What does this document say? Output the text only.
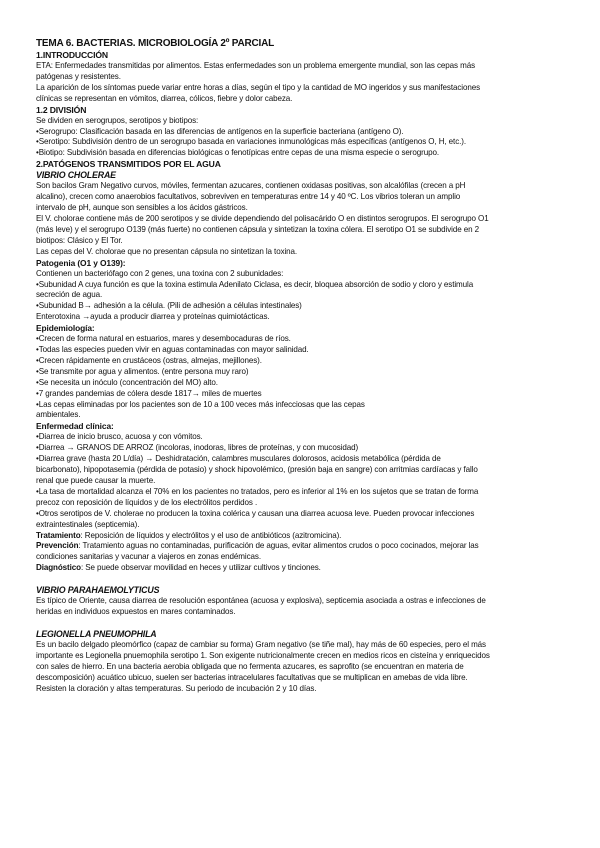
TEMA 6. BACTERIAS. MICROBIOLOGÍA 2º PARCIAL
1.INTRODUCCIÓN
ETA: Enfermedades transmitidas por alimentos. Estas enfermedades son un problema emergente mundial, son las cepas más
patógenas y resistentes.
La aparición de los síntomas puede variar entre horas a días, según el tipo y la cantidad de MO ingeridos y sus manifestaciones
clínicas se representan en vómitos, diarrea, cólicos, fiebre y dolor cabeza.
1.2 DIVISIÓN
Se dividen en serogrupos, serotipos y biotipos:
• Serogrupo: Clasificación basada en las diferencias de antígenos en la superficie bacteriana (antígeno O).
• Serotipo: Subdivisión dentro de un serogrupo basada en variaciones inmunológicas más específicas (antígenos O, H, etc.).
• Biotipo: Subdivisión basada en diferencias biológicas o fenotípicas entre cepas de una misma especie o serogrupo.
2.PATÓGENOS TRANSMITIDOS POR EL AGUA
VIBRIO CHOLERAE
Son bacilos Gram Negativo curvos, móviles, fermentan azucares, contienen oxidasas positivas, son alcalófilas (crecen a pH
alcalino), crecen como anaerobios facultativos, sobreviven en temperaturas entre 14 y 40 ºC. Los vibrios toleran un amplio
intervalo de pH, aunque son sensibles a los ácidos gástricos.
El V. cholorae contiene más de 200 serotipos y se divide dependiendo del polisacárido O en distintos serogrupos. El serogrupo O1
(más leve) y el serogrupo O139 (más fuerte) no contienen cápsula y sintetizan la toxina cólera. El serotipo O1 se subdivide en 2
biotipos: Clásico y El Tor.
Las cepas del V. cholorae que no presentan cápsula no sintetizan la toxina.
Patogenia (O1 y O139):
Contienen un bacteriófago con 2 genes, una toxina con 2 subunidades:
• Subunidad A cuya función es que la toxina estimula Adenilato Ciclasa, es decir, bloquea absorción de sodio y cloro y estimula
secreción de agua.
• Subunidad B→ adhesión a la célula. (Pili de adhesión a células intestinales)
Enterotoxina →ayuda a producir diarrea y proteínas quimiotácticas.
Epidemiología:
• Crecen de forma natural en estuarios, mares y desembocaduras de ríos.
• Todas las especies pueden vivir en aguas contaminadas con mayor salinidad.
• Crecen rápidamente en crustáceos (ostras, almejas, mejillones).
• Se transmite por agua y alimentos. (entre persona muy raro)
• Se necesita un inóculo (concentración del MO) alto.
• 7 grandes pandemias de cólera desde 1817→ miles de muertes
• Las cepas eliminadas por los pacientes son de 10 a 100 veces más infecciosas que las cepas
ambientales.
Enfermedad clínica:
• Diarrea de inicio brusco, acuosa y con vómitos.
• Diarrea → GRANOS DE ARROZ (incoloras, inodoras, libres de proteínas, y con mucosidad)
• Diarrea grave (hasta 20 L/día) → Deshidratación, calambres musculares dolorosos, acidosis metabólica (pérdida de
bicarbonato), hipopotasemia (pérdida de potasio) y shock hipovolémico, (presión baja en sangre) con arritmias cardíacas y fallo
renal que puede causar la muerte.
• La tasa de mortalidad alcanza el 70% en los pacientes no tratados, pero es inferior al 1% en los sujetos que se tratan de forma
precoz con reposición de líquidos y de los electrólitos perdidos .
• Otros serotipos de V. cholerae no producen la toxina colérica y causan una diarrea acuosa leve. Pueden provocar infecciones
extraintestinales (septicemia).
Tratamiento: Reposición de líquidos y electrólitos y el uso de antibióticos (azitromicina).
Prevención: Tratamiento aguas no contaminadas, purificación de aguas, evitar alimentos crudos o poco cocinados, mejorar las
condiciones sanitarias y vacunar a viajeros en zonas endémicas.
Diagnóstico: Se puede observar movilidad en heces y utilizar cultivos y tinciones.
VIBRIO PARAHAEMOLYTICUS
Es típico de Oriente, causa diarrea de resolución espontánea (acuosa y explosiva), septicemia asociada a ostras e infecciones de
heridas en individuos expuestos en mares contaminados.
LEGIONELLA PNEUMOPHILA
Es un bacilo delgado pleomórfico (capaz de cambiar su forma) Gram negativo (se tiñe mal), hay más de 60 especies, pero el más
importante es Legionella pnuemophila serotipo 1. Son exigente nutricionalmente crecen en medios ricos en cisteína y enriquecidos
con sales de hierro. En una bacteria aerobia obligada que no fermenta azucares, es saprofito (se encuentran en materia de
descomposición) acuático ubicuo, suelen ser bacterias intracelulares facultativas que se multiplican en amebas de vida libre.
Resisten la cloración y altas temperaturas. Su periodo de incubación 2 y 10 días.
